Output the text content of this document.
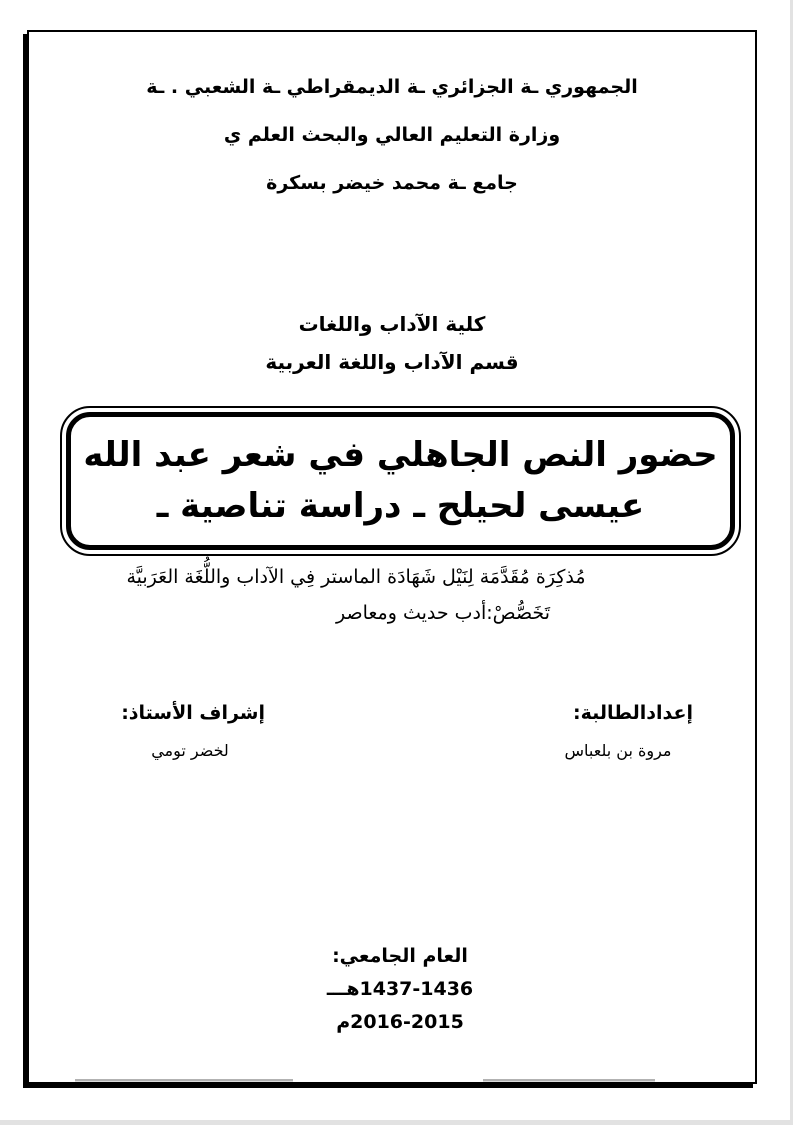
الجمهوري ـة الجزائري ـة الديمقراطي ـة الشعبي . ـة
وزارة التعليم العالي والبحث العلم ي
جامع ـة محمد خيضر بسكرة
كلية الآداب واللغات
قسم الآداب واللغة العربية
حضور النص الجاهلي في شعر عبد الله
عيسى لحيلح ـ دراسة تناصية ـ
مُذكِرَة مُقَدَّمَة لِنَيْل شَهَادَة الماستر فِي الآداب واللُّغَة العَرَبيَّة
تَخَصُّصْ:أدب حديث ومعاصر
إعدادالطالبة:
مروة بن بلعباس
إشراف الأستاذ:
لخضر تومي
العام الجامعي:
1437-1436هـــ
2016-2015م
